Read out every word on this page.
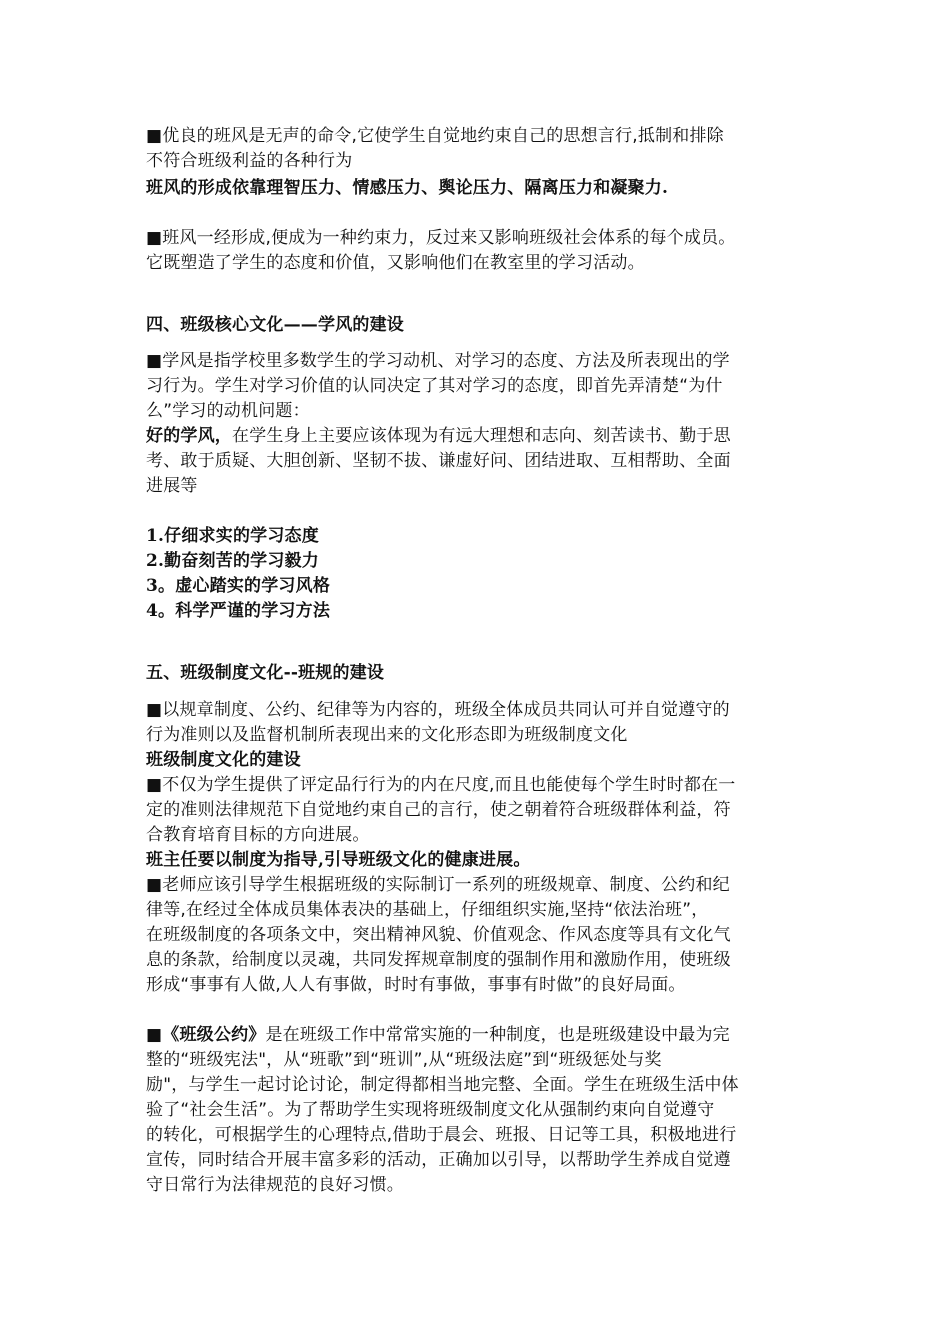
■优良的班风是无声的命令,它使学生自觉地约束自己的思想言行,抵制和排除
不符合班级利益的各种行为
班风的形成依靠理智压力、情感压力、舆论压力、隔离压力和凝聚力.
■班风一经形成,便成为一种约束力，反过来又影响班级社会体系的每个成员。
它既塑造了学生的态度和价值，又影响他们在教室里的学习活动。
四、班级核心文化——学风的建设
■学风是指学校里多数学生的学习动机、对学习的态度、方法及所表现出的学
习行为。学生对学习价值的认同决定了其对学习的态度，即首先弄清楚“为什
么”学习的动机问题：
好的学风，在学生身上主要应该体现为有远大理想和志向、刻苦读书、勤于思
考、敢于质疑、大胆创新、坚韧不拔、谦虚好问、团结进取、互相帮助、全面
进展等
1.仔细求实的学习态度
2.勤奋刻苦的学习毅力
3。虚心踏实的学习风格
4。科学严谨的学习方法
五、班级制度文化--班规的建设
■以规章制度、公约、纪律等为内容的，班级全体成员共同认可并自觉遵守的
行为准则以及监督机制所表现出来的文化形态即为班级制度文化
班级制度文化的建设
■不仅为学生提供了评定品行行为的内在尺度,而且也能使每个学生时时都在一
定的准则法律规范下自觉地约束自己的言行，使之朝着符合班级群体利益，符
合教育培育目标的方向进展。
班主任要以制度为指导,引导班级文化的健康进展。
■老师应该引导学生根据班级的实际制订一系列的班级规章、制度、公约和纪
律等,在经过全体成员集体表决的基础上，仔细组织实施,坚持“依法治班”，
在班级制度的各项条文中，突出精神风貌、价值观念、作风态度等具有文化气
息的条款，给制度以灵魂，共同发挥规章制度的强制作用和激励作用，使班级
形成“事事有人做,人人有事做，时时有事做，事事有时做”的良好局面。
■《班级公约》是在班级工作中常常实施的一种制度，也是班级建设中最为完
整的“班级宪法"，从“班歌”到“班训”,从“班级法庭”到“班级惩处与奖
励"，与学生一起讨论讨论，制定得都相当地完整、全面。学生在班级生活中体
验了“社会生活”。为了帮助学生实现将班级制度文化从强制约束向自觉遵守
的转化，可根据学生的心理特点,借助于晨会、班报、日记等工具，积极地进行
宣传，同时结合开展丰富多彩的活动，正确加以引导，以帮助学生养成自觉遵
守日常行为法律规范的良好习惯。
